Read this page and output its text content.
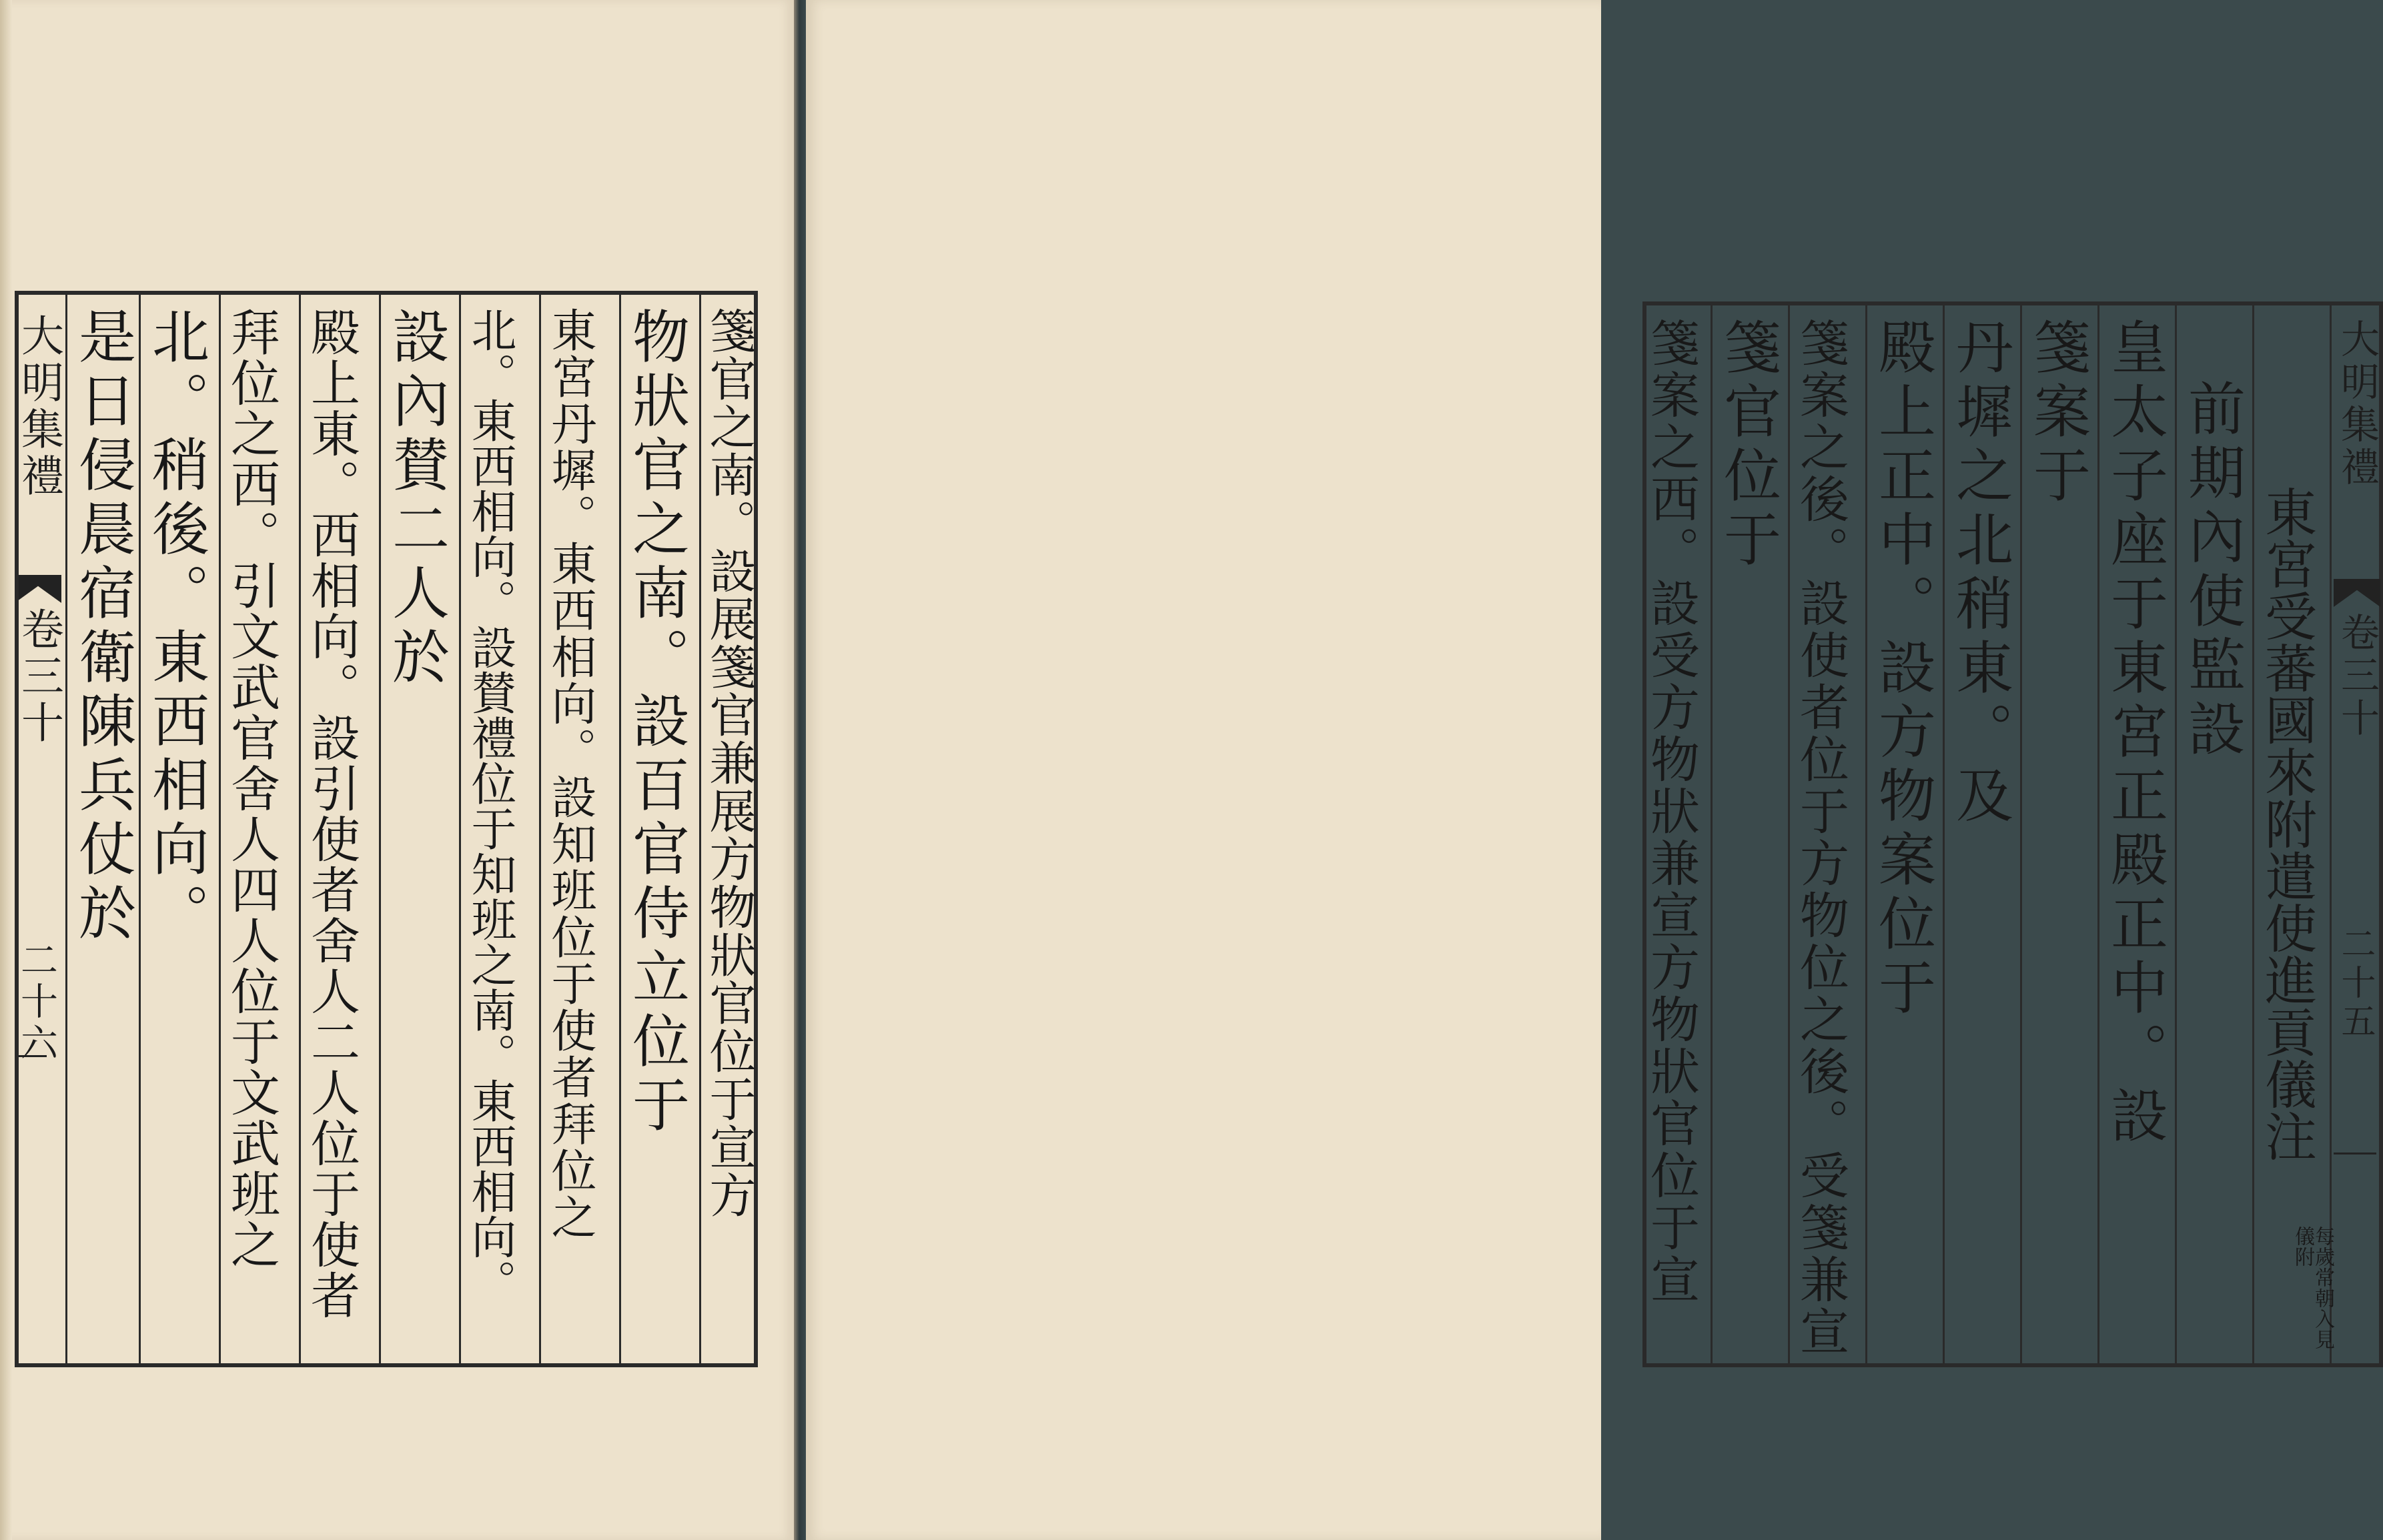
大明集禮
卷三十
二十六
是日侵晨宿衛陳兵仗於 北。稍後。東西相向。 拜位之西。引文武官舍人四人位于文武班之 殿上東。西相向。設引使者舍人二人位于使者 設內賛二人於 北。東西相向。設賛禮位于知班之南。東西相向。 東宮丹墀。東西相向。設知班位于使者拜位之 物狀官之南。設百官侍立位于 箋官之南。設展箋官兼展方物狀官位于宣方	箋案之西。設受方物狀兼宣方物狀官位于宣 箋官位于 箋案之後。設使者位于方物位之後。受箋兼宣 殿上正中。設方物案位于 丹墀之北稍東。及 箋案于 皇太子座于東宮正殿正中。設 前期內使監設 東宮受蕃國來附遣使進貢儀注
每歲常朝入見儀附
大明集禮
卷三十
二十五
